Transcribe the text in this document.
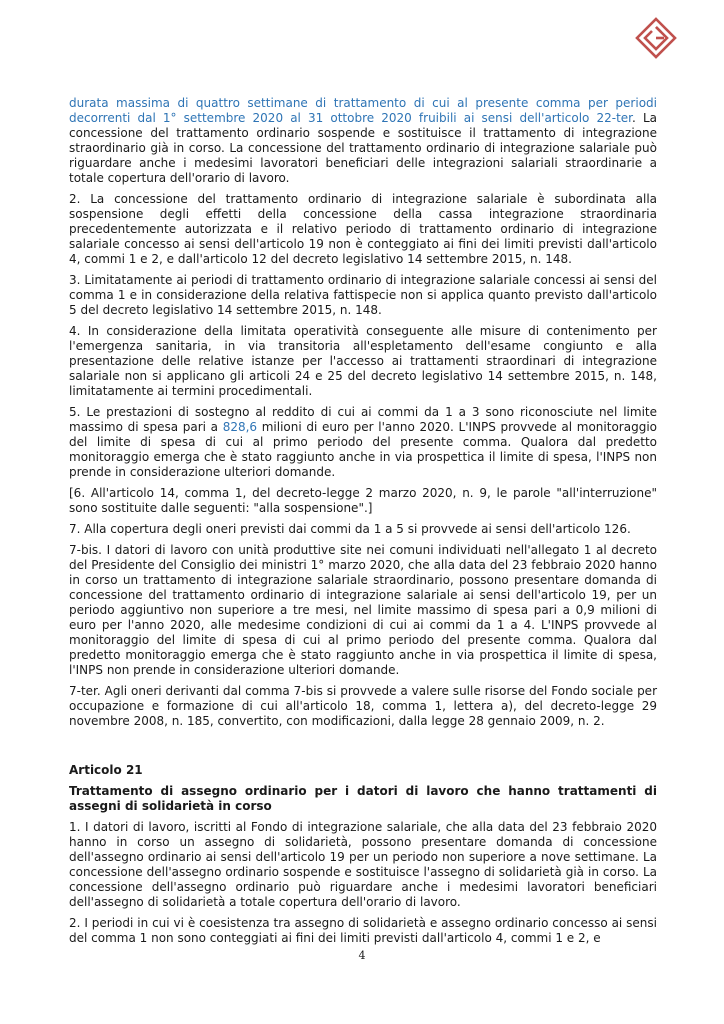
durata massima di quattro settimane di trattamento di cui al presente comma per periodi decorrenti dal 1° settembre 2020 al 31 ottobre 2020 fruibili ai sensi dell'articolo 22-ter. La concessione del trattamento ordinario sospende e sostituisce il trattamento di integrazione straordinario già in corso. La concessione del trattamento ordinario di integrazione salariale può riguardare anche i medesimi lavoratori beneficiari delle integrazioni salariali straordinarie a totale copertura dell'orario di lavoro.

2. La concessione del trattamento ordinario di integrazione salariale è subordinata alla sospensione degli effetti della concessione della cassa integrazione straordinaria precedentemente autorizzata e il relativo periodo di trattamento ordinario di integrazione salariale concesso ai sensi dell'articolo 19 non è conteggiato ai fini dei limiti previsti dall'articolo 4, commi 1 e 2, e dall'articolo 12 del decreto legislativo 14 settembre 2015, n. 148.

3. Limitatamente ai periodi di trattamento ordinario di integrazione salariale concessi ai sensi del comma 1 e in considerazione della relativa fattispecie non si applica quanto previsto dall'articolo 5 del decreto legislativo 14 settembre 2015, n. 148.

4. In considerazione della limitata operatività conseguente alle misure di contenimento per l'emergenza sanitaria, in via transitoria all'espletamento dell'esame congiunto e alla presentazione delle relative istanze per l'accesso ai trattamenti straordinari di integrazione salariale non si applicano gli articoli 24 e 25 del decreto legislativo 14 settembre 2015, n. 148, limitatamente ai termini procedimentali.

5. Le prestazioni di sostegno al reddito di cui ai commi da 1 a 3 sono riconosciute nel limite massimo di spesa pari a 828,6 milioni di euro per l'anno 2020. L'INPS provvede al monitoraggio del limite di spesa di cui al primo periodo del presente comma. Qualora dal predetto monitoraggio emerga che è stato raggiunto anche in via prospettica il limite di spesa, l'INPS non prende in considerazione ulteriori domande.

[6. All'articolo 14, comma 1, del decreto-legge 2 marzo 2020, n. 9, le parole "all'interruzione" sono sostituite dalle seguenti: "alla sospensione".]

7. Alla copertura degli oneri previsti dai commi da 1 a 5 si provvede ai sensi dell'articolo 126.

7-bis. I datori di lavoro con unità produttive site nei comuni individuati nell'allegato 1 al decreto del Presidente del Consiglio dei ministri 1° marzo 2020, che alla data del 23 febbraio 2020 hanno in corso un trattamento di integrazione salariale straordinario, possono presentare domanda di concessione del trattamento ordinario di integrazione salariale ai sensi dell'articolo 19, per un periodo aggiuntivo non superiore a tre mesi, nel limite massimo di spesa pari a 0,9 milioni di euro per l'anno 2020, alle medesime condizioni di cui ai commi da 1 a 4. L'INPS provvede al monitoraggio del limite di spesa di cui al primo periodo del presente comma. Qualora dal predetto monitoraggio emerga che è stato raggiunto anche in via prospettica il limite di spesa, l'INPS non prende in considerazione ulteriori domande.

7-ter. Agli oneri derivanti dal comma 7-bis si provvede a valere sulle risorse del Fondo sociale per occupazione e formazione di cui all'articolo 18, comma 1, lettera a), del decreto-legge 29 novembre 2008, n. 185, convertito, con modificazioni, dalla legge 28 gennaio 2009, n. 2.

Articolo 21

Trattamento di assegno ordinario per i datori di lavoro che hanno trattamenti di assegni di solidarietà in corso

1. I datori di lavoro, iscritti al Fondo di integrazione salariale, che alla data del 23 febbraio 2020 hanno in corso un assegno di solidarietà, possono presentare domanda di concessione dell'assegno ordinario ai sensi dell'articolo 19 per un periodo non superiore a nove settimane. La concessione dell'assegno ordinario sospende e sostituisce l'assegno di solidarietà già in corso. La concessione dell'assegno ordinario può riguardare anche i medesimi lavoratori beneficiari dell'assegno di solidarietà a totale copertura dell'orario di lavoro.

2. I periodi in cui vi è coesistenza tra assegno di solidarietà e assegno ordinario concesso ai sensi del comma 1 non sono conteggiati ai fini dei limiti previsti dall'articolo 4, commi 1 e 2, e

4
